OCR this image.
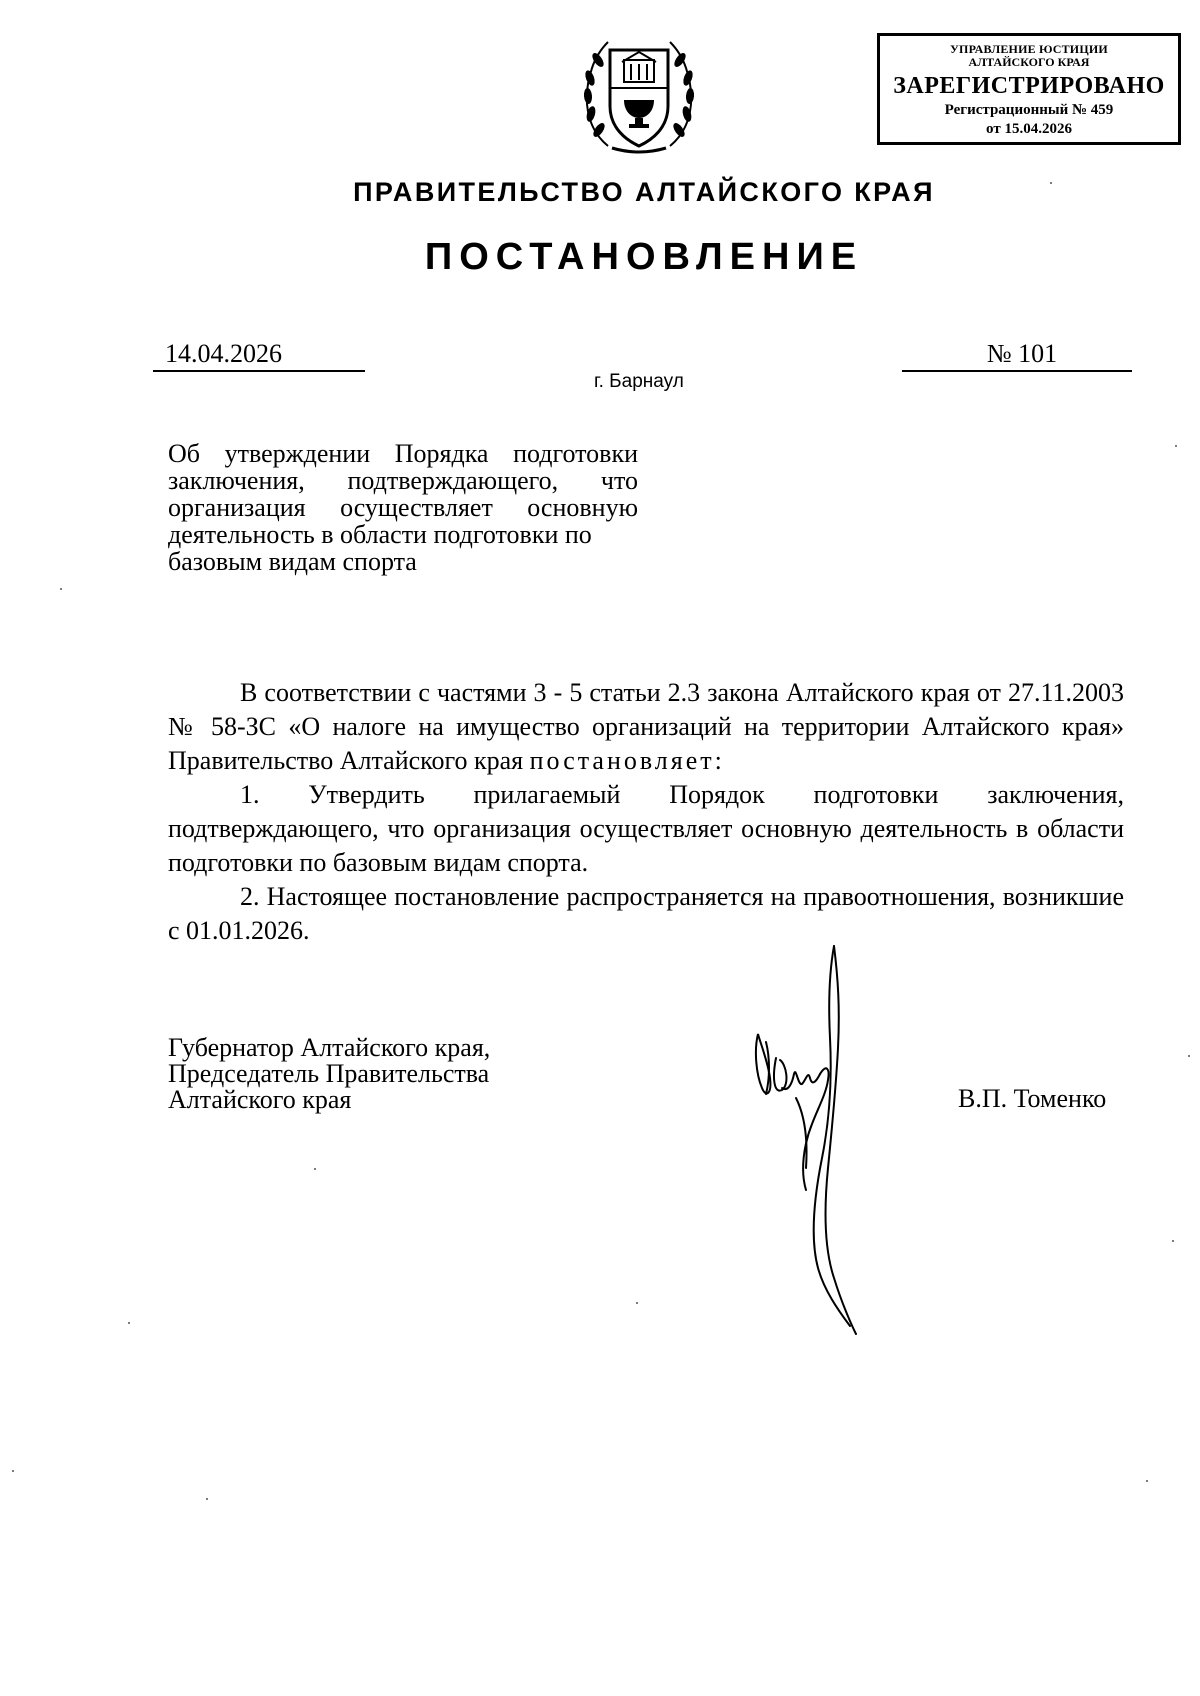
УПРАВЛЕНИЕ ЮСТИЦИИ
АЛТАЙСКОГО КРАЯ
ЗАРЕГИСТРИРОВАНО
Регистрационный № 459
от 15.04.2026
ПРАВИТЕЛЬСТВО АЛТАЙСКОГО КРАЯ
ПОСТАНОВЛЕНИЕ
14.04.2026	№ 101
г. Барнаул
Об утверждении Порядка подготовки заключения, подтверждающего, что организация осуществляет основную деятельность в области подготовки по
базовым видам спорта
В соответствии с частями 3 - 5 статьи 2.3 закона Алтайского края от 27.11.2003 № 58-ЗС «О налоге на имущество организаций на территории Алтайского края» Правительство Алтайского края постановляет:
1. Утвердить прилагаемый Порядок подготовки заключения, подтверждающего, что организация осуществляет основную деятельность в области подготовки по базовым видам спорта.
2. Настоящее постановление распространяется на правоотношения, возникшие с 01.01.2026.
Губернатор Алтайского края,
Председатель Правительства
Алтайского края	В.П. Томенко
